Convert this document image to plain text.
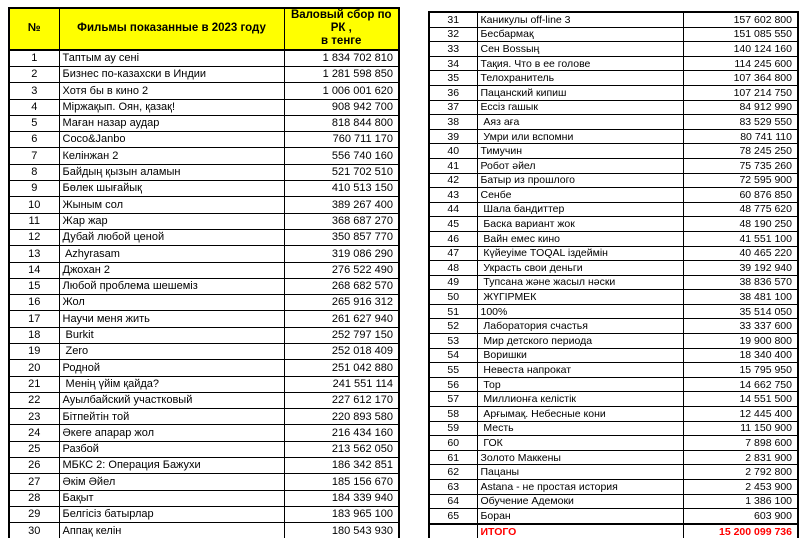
№	Фильмы показанные в 2023 году	Валовый сбор по РК ,
в тенге

1	Таптым ау сені	1 834 702 810
2	Бизнес по-казахски в Индии	1 281 598 850
3	Хотя бы в кино 2	1 006 001 620
4	Міржақып. Оян, қазақ!	908 942 700
5	Маған назар аудар	818 844 800
6	Coco&Janbo	760 711 170
7	Келінжан 2	556 740 160
8	Байдың қызын аламын	521 702 510
9	Бөлек шығайық	410 513 150
10	Жыным сол	389 267 400
11	Жар жар	368 687 270
12	Дубай любой ценой	350 857 770
13	Azhyrasam	319 086 290
14	Джохан 2	276 522 490
15	Любой проблема шешеміз	268 682 570
16	Жол	265 916 312
17	Научи меня жить	261 627 940
18	Burkit	252 797 150
19	Zero	252 018 409
20	Родной	251 042 880
21	Менің үйім қайда?	241 551 114
22	Ауылбайский участковый	227 612 170
23	Бітпейтін той	220 893 580
24	Әкеге апарар жол	216 434 160
25	Разбой	213 562 050
26	МБКС 2: Операция Бажухи	186 342 851
27	Әкім Әйел	185 156 670
28	Бақыт	184 339 940
29	Белгісіз батырлар	183 965 100
30	Аппақ келін	180 543 930
31	Каникулы off-line 3	157 602 800
32	Бесбармақ	151 085 550
33	Сен Bossың	140 124 160
34	Тақия. Что в ее голове	114 245 600
35	Телохранитель	107 364 800
36	Пацанский кипиш	107 214 750
37	Ессіз гашык	84 912 990
38	Аяз аға	83 529 550
39	Умри или вспомни	80 741 110
40	Тимучин	78 245 250
41	Робот әйел	75 735 260
42	Батыр из прошлого	72 595 900
43	Сенбе	60 876 850
44	Шала бандиттер	48 775 620
45	Баска вариант жок	48 190 250
46	Вайн емес кино	41 551 100
47	Күйеуіме TOQAL іздеймін	40 465 220
48	Украсть свои деньги	39 192 940
49	Тупсана және жасыл нәски	38 836 570
50	ЖҮГІРМЕК	38 481 100
51	100%	35 514 050
52	Лаборатория счастья	33 337 600
53	Мир детского периода	19 900 800
54	Воришки	18 340 400
55	Невеста напрокат	15 795 950
56	Тор	14 662 750
57	Миллионға келістік	14 551 500
58	Арғымақ. Небесные кони	12 445 400
59	Месть	11 150 900
60	ГОК	7 898 600
61	Золото Маккены	2 831 900
62	Пацаны	2 792 800
63	Astana - не простая история	2 453 900
64	Обучение Адемоки	1 386 100
65	Боран	603 900
	ИТОГО	15 200 099 736
